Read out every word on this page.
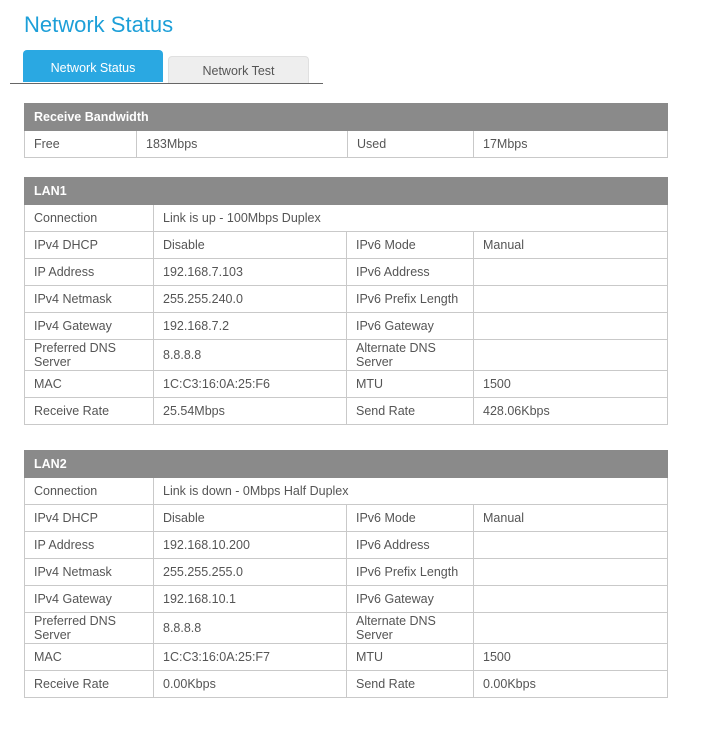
Network Status
Network Status	Network Test
Receive Bandwidth
Free	183Mbps	Used	17Mbps
LAN1			
Connection	Link is up - 100Mbps Duplex		
IPv4 DHCP	Disable	IPv6 Mode	Manual
IP Address	192.168.7.103	IPv6 Address	
IPv4 Netmask	255.255.240.0	IPv6 Prefix Length	
IPv4 Gateway	192.168.7.2	IPv6 Gateway	
Preferred DNS Server	8.8.8.8	Alternate DNS Server	
MAC	1C:C3:16:0A:25:F6	MTU	1500
Receive Rate	25.54Mbps	Send Rate	428.06Kbps
LAN2			
Connection	Link is down - 0Mbps Half Duplex		
IPv4 DHCP	Disable	IPv6 Mode	Manual
IP Address	192.168.10.200	IPv6 Address	
IPv4 Netmask	255.255.255.0	IPv6 Prefix Length	
IPv4 Gateway	192.168.10.1	IPv6 Gateway	
Preferred DNS Server	8.8.8.8	Alternate DNS Server	
MAC	1C:C3:16:0A:25:F7	MTU	1500
Receive Rate	0.00Kbps	Send Rate	0.00Kbps
